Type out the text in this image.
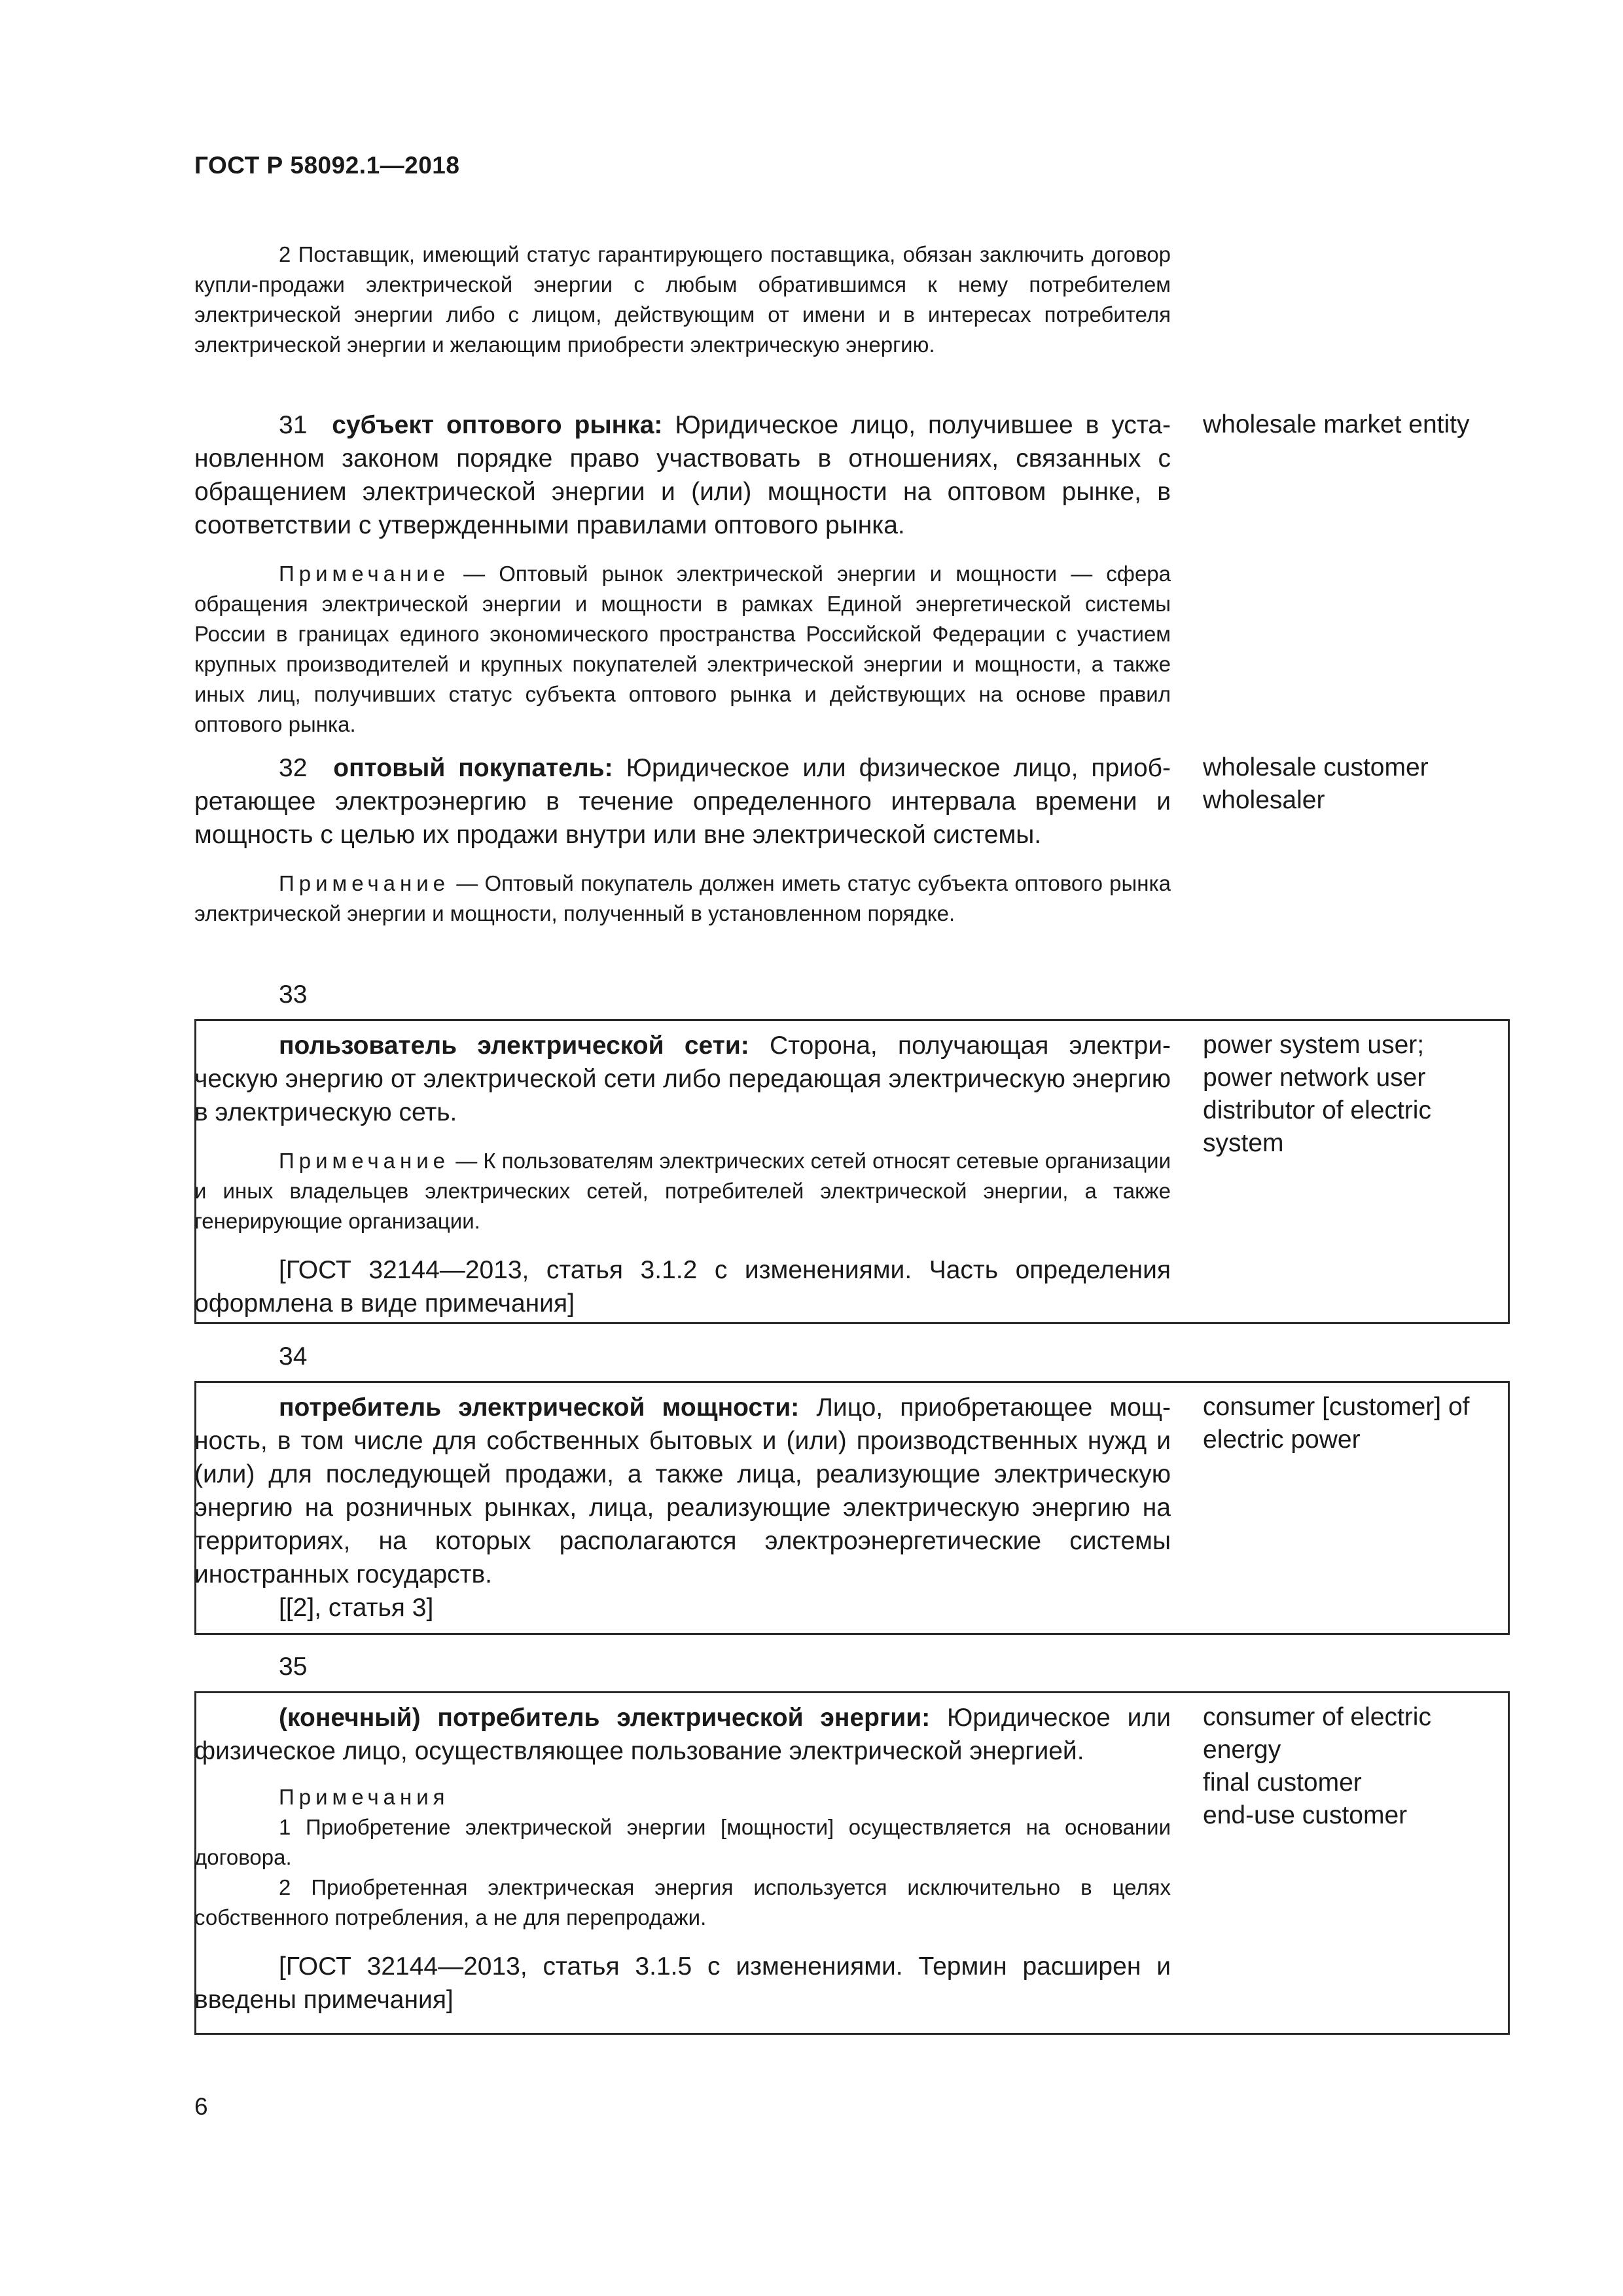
ГОСТ Р 58092.1—2018

2 Поставщик, имеющий статус гарантирующего поставщика, обязан заключить договор купли-продажи электрической энергии с любым обратившимся к нему потребителем электрической энергии либо с лицом, действующим от имени и в интересах потребителя электрической энергии и желающим приобрести электрическую энергию.

31 субъект оптового рынка: Юридическое лицо, получившее в установленном законом порядке право участвовать в отношениях, связанных с обращением электрической энергии и (или) мощности на оптовом рынке, в соответствии с утвержденными правилами оптового рынка.

Примечание — Оптовый рынок электрической энергии и мощности — сфера обращения электрической энергии и мощности в рамках Единой энергетической системы России в границах единого экономического пространства Российской Федерации с участием крупных производителей и крупных покупателей электрической энергии и мощности, а также иных лиц, получивших статус субъекта оптового рынка и действующих на основе правил оптового рынка.

wholesale market entity

32 оптовый покупатель: Юридическое или физическое лицо, приобретающее электроэнергию в течение определенного интервала времени и мощность с целью их продажи внутри или вне электрической системы.

Примечание — Оптовый покупатель должен иметь статус субъекта оптового рынка электрической энергии и мощности, полученный в установленном порядке.

wholesale customer
wholesaler
33

пользователь электрической сети: Сторона, получающая электрическую энергию от электрической сети либо передающая электрическую энергию в электрическую сеть.

Примечание — К пользователям электрических сетей относят сетевые организации и иных владельцев электрических сетей, потребителей электрической энергии, а также генерирующие организации.

[ГОСТ 32144—2013, статья 3.1.2 с изменениями. Часть определения оформлена в виде примечания]

power system user;
power network user
distributor of electric
system
34

потребитель электрической мощности: Лицо, приобретающее мощность, в том числе для собственных бытовых и (или) производственных нужд и (или) для последующей продажи, а также лица, реализующие электрическую энергию на розничных рынках, лица, реализующие электрическую энергию на территориях, на которых располагаются электроэнергетические системы иностранных государств.

[[2], статья 3]

consumer [customer] of
electric power
35

(конечный) потребитель электрической энергии: Юридическое или физическое лицо, осуществляющее пользование электрической энергией.

Примечания

1 Приобретение электрической энергии [мощности] осуществляется на основании договора.

2 Приобретенная электрическая энергия используется исключительно в целях собственного потребления, а не для перепродажи.

[ГОСТ 32144—2013, статья 3.1.5 с изменениями. Термин расширен и введены примечания]

consumer of electric
energy
final customer
end-use customer
6
